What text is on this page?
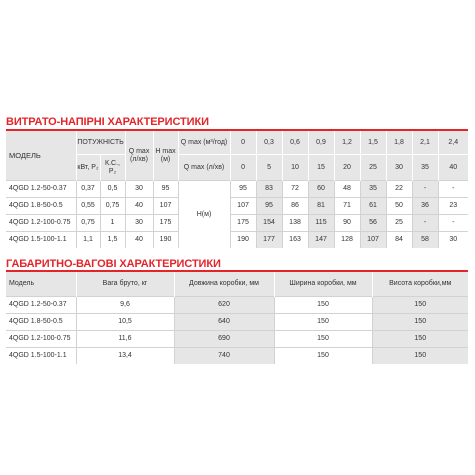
ВИТРАТО-НАПІРНІ ХАРАКТЕРИСТИКИ
МОДЕЛЬ	ПОТУЖНІСТЬ		Q max (л/хв)	H max (м)	Q max (м³/год)	0	0,3	0,6	0,9	1,2	1,5	1,8	2,1	2,4
	кВт, P₂	К.С., P₂			Q max (л/хв)	0	5	10	15	20	25	30	35	40
4QGD 1.2-50-0.37	0,37	0,5	30	95	H(м)	95	83	72	60	48	35	22	-	-
4QGD 1.8-50-0.5	0,55	0,75	40	107		107	95	86	81	71	61	50	36	23
4QGD 1.2-100-0.75	0,75	1	30	175		175	154	138	115	90	56	25	-	-
4QGD 1.5-100-1.1	1,1	1,5	40	190		190	177	163	147	128	107	84	58	30
ГАБАРИТНО-ВАГОВІ ХАРАКТЕРИСТИКИ
Модель	Вага бруто, кг	Довжина коробки, мм	Ширина коробки, мм	Висота коробки,мм
4QGD 1.2-50-0.37	9,6	620	150	150
4QGD 1.8-50-0.5	10,5	640	150	150
4QGD 1.2-100-0.75	11,6	690	150	150
4QGD 1.5-100-1.1	13,4	740	150	150
